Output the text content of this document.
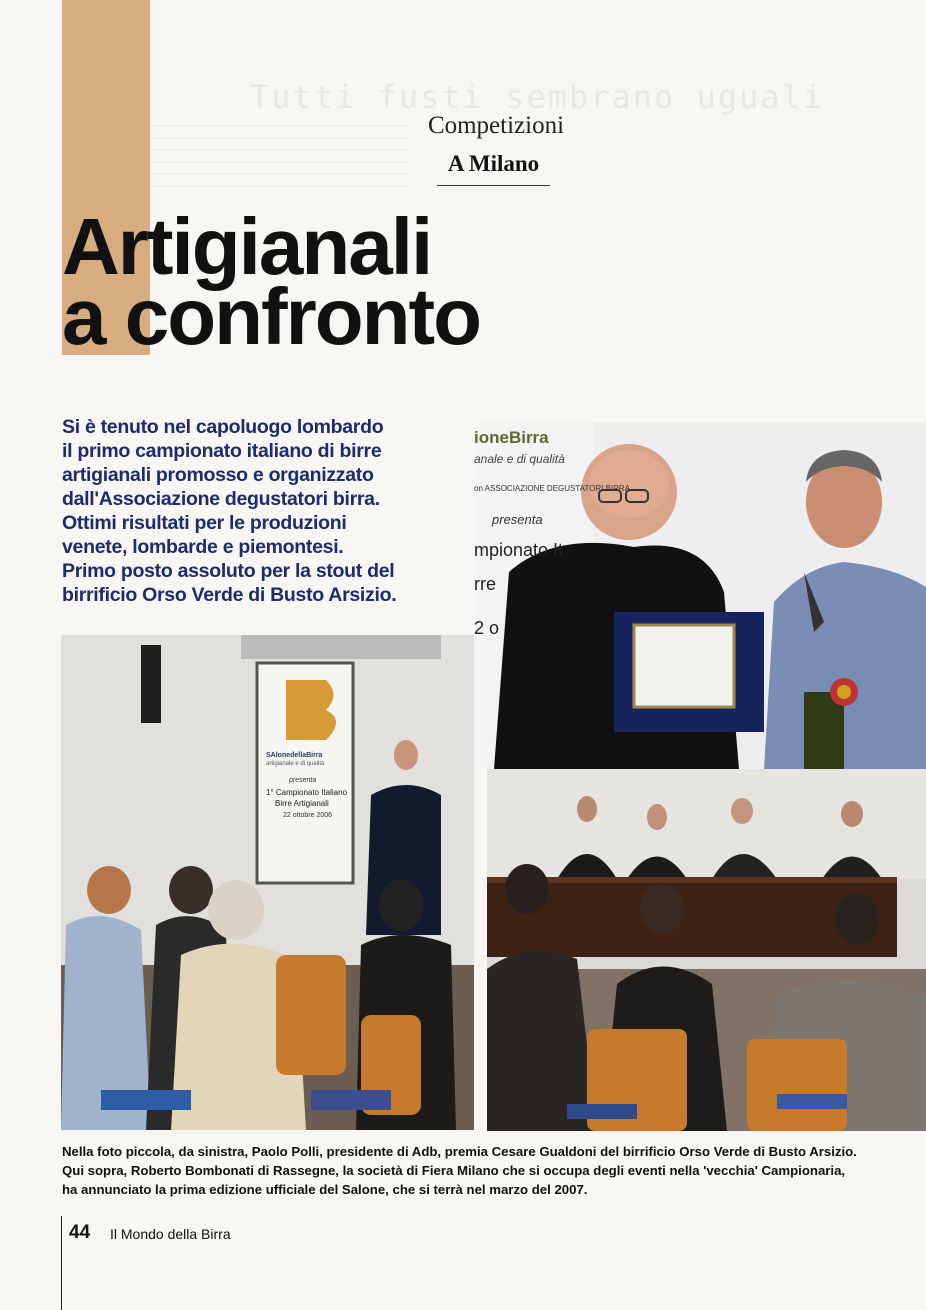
Tutti fusti sembrano uguali
Competizioni
A Milano
Artigianali
a confronto

Si è tenuto nel capoluogo lombardo
il primo campionato italiano di birre
artigianali promosso e organizzato
dall'Associazione degustatori birra.
Ottimi risultati per le produzioni
venete, lombarde e piemontesi.
Primo posto assoluto per la stout del
birrificio Orso Verde di Busto Arsizio.

ioneBirra
anale e di qualità
on ASSOCIAZIONE DEGUSTATORI BIRRA
presenta
mpionato It
rre
2 o
SAlonedellaBirra
artigianale e di qualità
presenta
1° Campionato Italiano
Birre Artigianali
22 ottobre 2006

Nella foto piccola, da sinistra, Paolo Polli, presidente di Adb, premia Cesare Gualdoni del birrificio Orso Verde di Busto Arsizio.
Qui sopra, Roberto Bombonati di Rassegne, la società di Fiera Milano che si occupa degli eventi nella 'vecchia' Campionaria,
ha annunciato la prima edizione ufficiale del Salone, che si terrà nel marzo del 2007.

44 Il Mondo della Birra
